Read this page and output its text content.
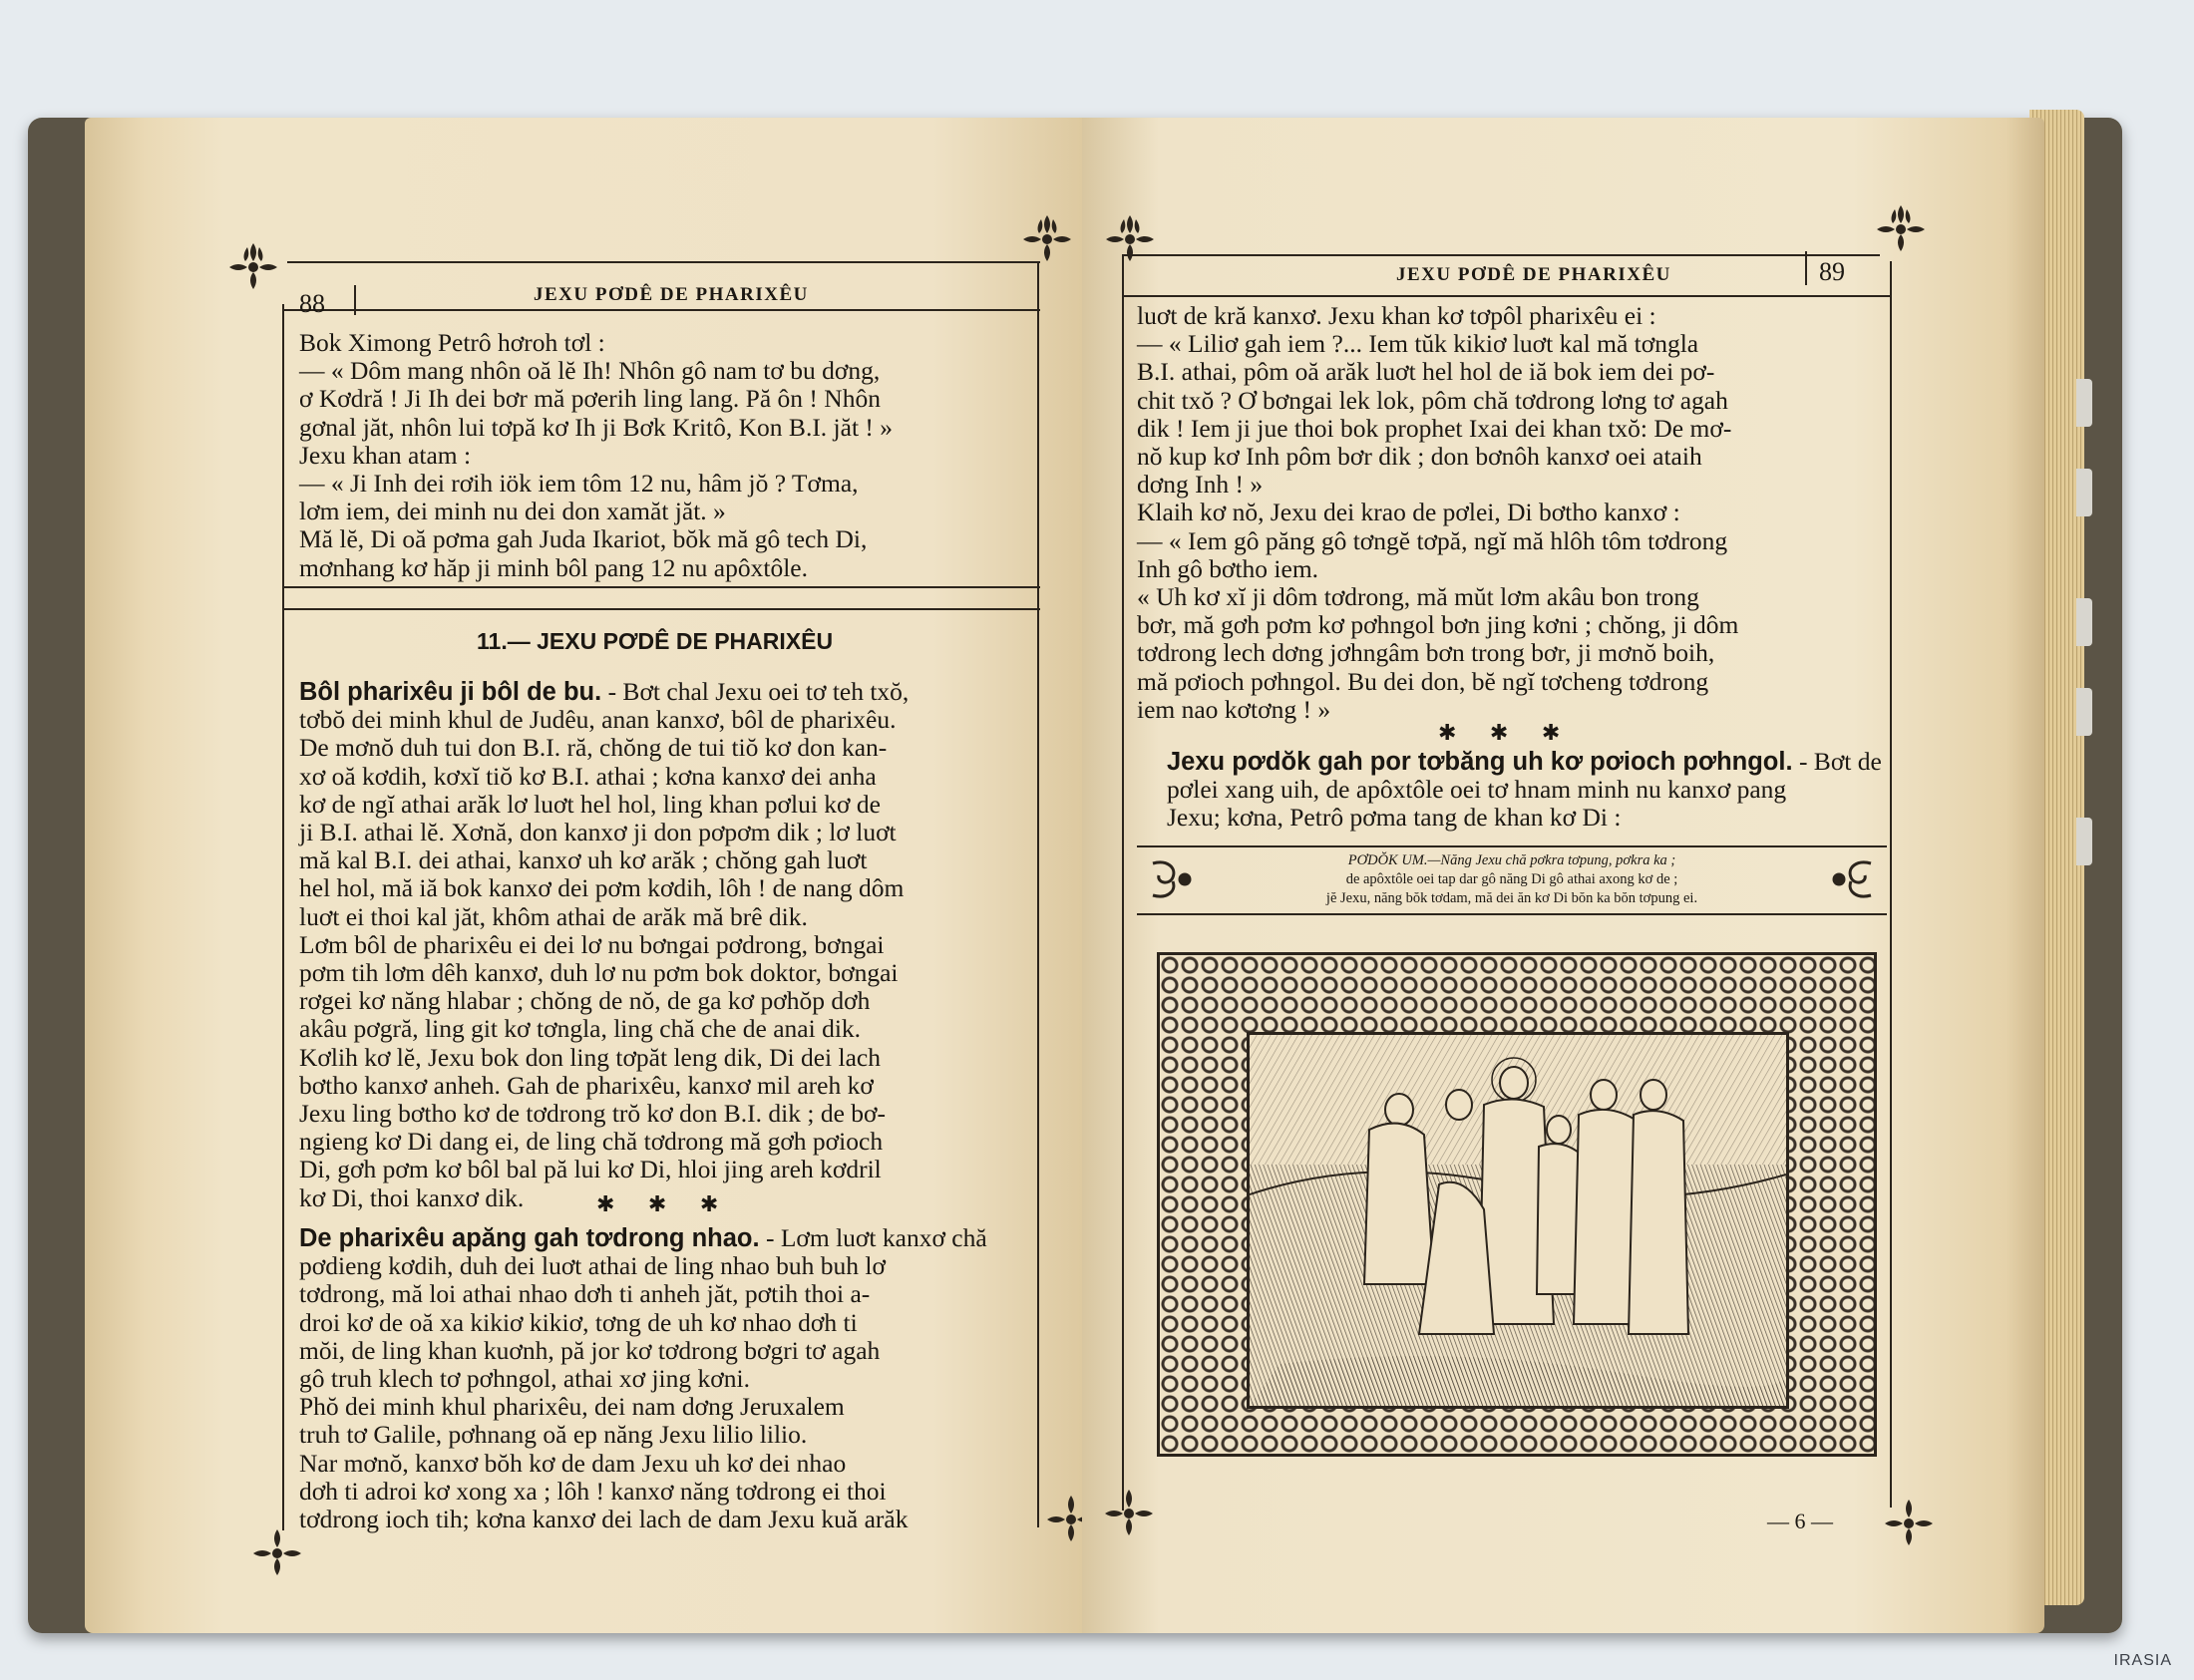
88	JEXU PƠDÊ DE PHARIXÊU

Bok Ximong Petrô hơroh tơl :

— « Dôm mang nhôn oă lĕ Ih! Nhôn gô nam tơ bu dơng,

ơ Kơdră ! Ji Ih dei bơr mă pơerih ling lang. Pă ôn ! Nhôn

gơnal jăt, nhôn lui tơpă kơ Ih ji Bơk Kritô, Kon B.I. jăt ! »

Jexu khan atam :

— « Ji Inh dei rơih iök iem tôm 12 nu, hâm jŏ ? Tơma,

lơm iem, dei minh nu dei don xamăt jăt. »

Mă lĕ, Di oă pơma gah Juda Ikariot, bŏk mă gô tech Di,

mơnhang kơ hăp ji minh bôl pang 12 nu apôxtôle.

11.— JEXU PƠDÊ DE PHARIXÊU

Bôl pharixêu ji bôl de bu. - Bơt chal Jexu oei tơ teh txŏ,

tơbŏ dei minh khul de Judêu, anan kanxơ, bôl de pharixêu.

De mơnŏ duh tui don B.I. ră, chŏng de tui tiŏ kơ don kan-

xơ oă kơdih, kơxĭ tiŏ kơ B.I. athai ; kơna kanxơ dei anha

kơ de ngĭ athai arăk lơ luơt hel hol, ling khan pơlui kơ de

ji B.I. athai lĕ. Xơnă, don kanxơ ji don pơpơm dik ; lơ luơt

mă kal B.I. dei athai, kanxơ uh kơ arăk ; chŏng gah luơt

hel hol, mă iă bok kanxơ dei pơm kơdih, lôh ! de nang dôm

luơt ei thoi kal jăt, khôm athai de arăk mă brê dik.

Lơm bôl de pharixêu ei dei lơ nu bơngai pơdrong, bơngai

pơm tih lơm dêh kanxơ, duh lơ nu pơm bok doktor, bơngai

rơgei kơ năng hlabar ; chŏng de nŏ, de ga kơ pơhŏp dơh

akâu pơgră, ling git kơ tơngla, ling chă che de anai dik.

Kơlih kơ lĕ, Jexu bok don ling tơpăt leng dik, Di dei lach

bơtho kanxơ anheh. Gah de pharixêu, kanxơ mil areh kơ

Jexu ling bơtho kơ de tơdrong trŏ kơ don B.I. dik ; de bơ-

ngieng kơ Di dang ei, de ling chă tơdrong mă gơh pơioch

Di, gơh pơm kơ bôl bal pă lui kơ Di, hloi jing areh kơdril

kơ Di, thoi kanxơ dik.	✱ ✱ ✱

De pharixêu apăng gah tơdrong nhao. - Lơm luơt kanxơ chă

pơdieng kơdih, duh dei luơt athai de ling nhao buh buh lơ

tơdrong, mă loi athai nhao dơh ti anheh jăt, pơtih thoi a-

droi kơ de oă xa kikiơ kikiơ, tơng de uh kơ nhao dơh ti

mŏi, de ling khan kuơnh, pă jor kơ tơdrong bơgri tơ agah

gô truh klech tơ pơhngol, athai xơ jing kơni.

Phŏ dei minh khul pharixêu, dei nam dơng Jeruxalem

truh tơ Galile, pơhnang oă ep năng Jexu lilio lilio.

Nar mơnŏ, kanxơ bŏh kơ de dam Jexu uh kơ dei nhao

dơh ti adroi kơ xong xa ; lôh ! kanxơ năng tơdrong ei thoi

tơdrong ioch tih; kơna kanxơ dei lach de dam Jexu kuă arăk

JEXU PƠDÊ DE PHARIXÊU	89

luơt de kră kanxơ. Jexu khan kơ tơpôl pharixêu ei :

— « Liliơ gah iem ?... Iem tŭk kikiơ luơt kal mă tơngla

B.I. athai, pôm oă arăk luơt hel hol de iă bok iem dei pơ-

chit txŏ ? Ơ bơngai lek lok, pôm chă tơdrong lơng tơ agah

dik ! Iem ji jue thoi bok prophet Ixai dei khan txŏ: De mơ-

nŏ kup kơ Inh pôm bơr dik ; don bơnôh kanxơ oei ataih

dơng Inh ! »

Klaih kơ nŏ, Jexu dei krao de pơlei, Di bơtho kanxơ :

— « Iem gô păng gô tơngĕ tơpă, ngĭ mă hlôh tôm tơdrong

Inh gô bơtho iem.

« Uh kơ xĭ ji dôm tơdrong, mă mŭt lơm akâu bon trong

bơr, mă gơh pơm kơ pơhngol bơn jing kơni ; chŏng, ji dôm

tơdrong lech dơng jơhngâm bơn trong bơr, ji mơnŏ boih,

mă pơioch pơhngol. Bu dei don, bĕ ngĭ tơcheng tơdrong

iem nao kơtơng ! »

✱ ✱ ✱

Jexu pơdŏk gah por tơbăng uh kơ pơioch pơhngol. - Bơt de

pơlei xang uih, de apôxtôle oei tơ hnam minh nu kanxơ pang

Jexu; kơna, Petrô pơma tang de khan kơ Di :

PƠDŎK UM.—Năng Jexu chă pơkra tơpung, pơkra ka ;

de apôxtôle oei tap dar gô năng Di gô athai axong kơ de ;

jĕ Jexu, năng bŏk tơdam, mă dei ăn kơ Di bŏn ka bŏn tơpung ei.

— 6 —
IRASIA
